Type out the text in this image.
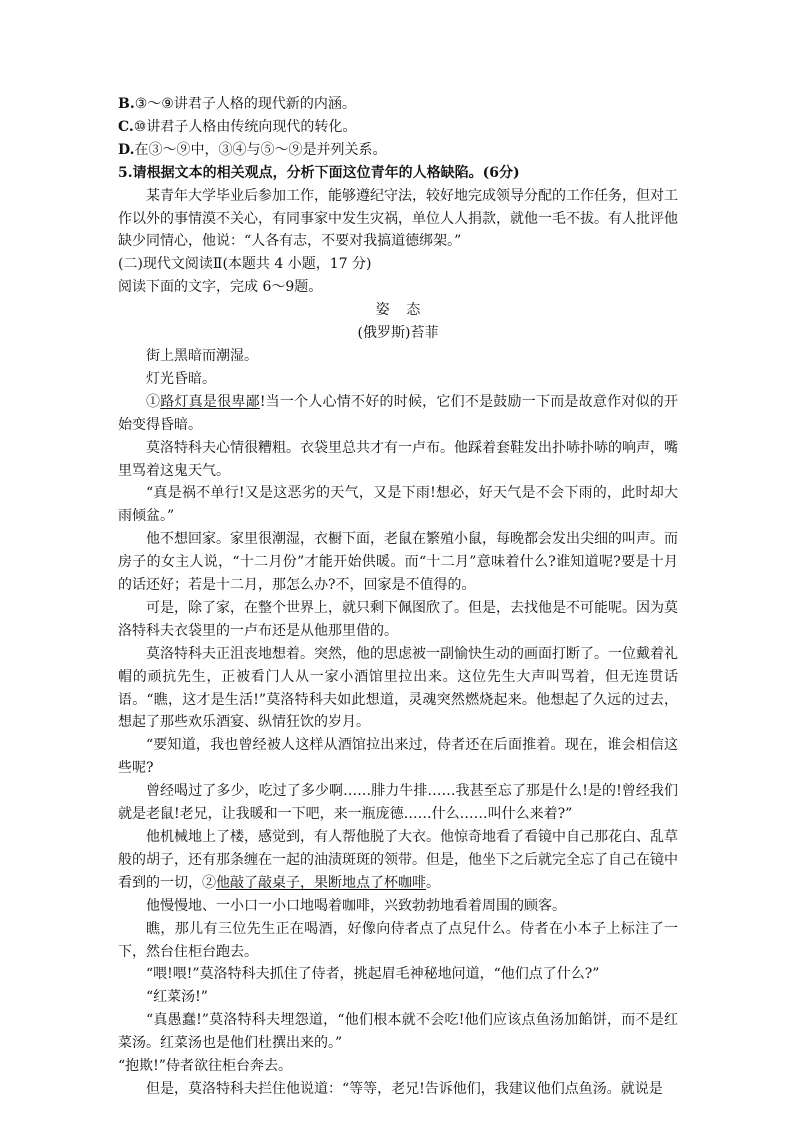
B.③～⑨讲君子人格的现代新的内涵。

C.⑩讲君子人格由传统向现代的转化。

D.在③～⑨中，③④与⑤～⑨是并列关系。

5.请根据文本的相关观点，分析下面这位青年的人格缺陷。(6分)

某青年大学毕业后参加工作，能够遵纪守法，较好地完成领导分配的工作任务，但对工作以外的事情漠不关心，有同事家中发生灾祸，单位人人捐款，就他一毛不拔。有人批评他缺少同情心，他说：“人各有志，不要对我搞道德绑架。”

(二)现代文阅读Ⅱ(本题共 4 小题，17 分)

阅读下面的文字，完成 6～9题。

姿态

(俄罗斯)苔菲

街上黑暗而潮湿。

灯光昏暗。

①路灯真是很卑鄙!当一个人心情不好的时候，它们不是鼓励一下而是故意作对似的开始变得昏暗。

莫洛特科夫心情很糟粗。衣袋里总共才有一卢布。他踩着套鞋发出扑哧扑哧的响声，嘴里骂着这鬼天气。

“真是祸不单行!又是这恶劣的天气，又是下雨!想必，好天气是不会下雨的，此时却大雨倾盆。”

他不想回家。家里很潮湿，衣橱下面，老鼠在繁殖小鼠，每晚都会发出尖细的叫声。而房子的女主人说，“十二月份”才能开始供暖。而“十二月”意味着什么?谁知道呢?要是十月的话还好；若是十二月，那怎么办?不，回家是不值得的。

可是，除了家，在整个世界上，就只剩下佩图欣了。但是，去找他是不可能呢。因为莫洛特科夫衣袋里的一卢布还是从他那里借的。

莫洛特科夫正沮丧地想着。突然，他的思虑被一副愉快生动的画面打断了。一位戴着礼帽的顽抗先生，正被看门人从一家小酒馆里拉出来。这位先生大声叫骂着，但无连贯话语。“瞧，这才是生活!”莫洛特科夫如此想道，灵魂突然燃烧起来。他想起了久远的过去，想起了那些欢乐酒宴、纵情狂饮的岁月。

“要知道，我也曾经被人这样从酒馆拉出来过，侍者还在后面推着。现在，谁会相信这些呢?

曾经喝过了多少，吃过了多少啊……腓力牛排……我甚至忘了那是什么!是的!曾经我们就是老鼠!老兄，让我暖和一下吧，来一瓶庞德……什么……叫什么来着?”

他机械地上了楼，感觉到，有人帮他脱了大衣。他惊奇地看了看镜中自己那花白、乱草般的胡子，还有那条缠在一起的油渍斑斑的领带。但是，他坐下之后就完全忘了自己在镜中看到的一切，②他敲了敲桌子，果断地点了杯咖啡。

他慢慢地、一小口一小口地喝着咖啡，兴致勃勃地看着周围的顾客。

瞧，那儿有三位先生正在喝酒，好像向侍者点了点兒什么。侍者在小本子上标注了一下，然台住柜台跑去。

“喂!喂!”莫洛特科夫抓住了侍者，挑起眉毛神秘地问道，“他们点了什么?”

“红菜汤!”

“真愚蠢!”莫洛特科夫埋怨道，“他们根本就不会吃!他们应该点鱼汤加餡饼，而不是红菜汤。红菜汤也是他们杜撰出来的。”

“抱欺!”侍者欲往柜台奔去。

但是，莫洛特科夫拦住他说道：“等等，老兄!告诉他们，我建议他们点鱼汤。就说是
